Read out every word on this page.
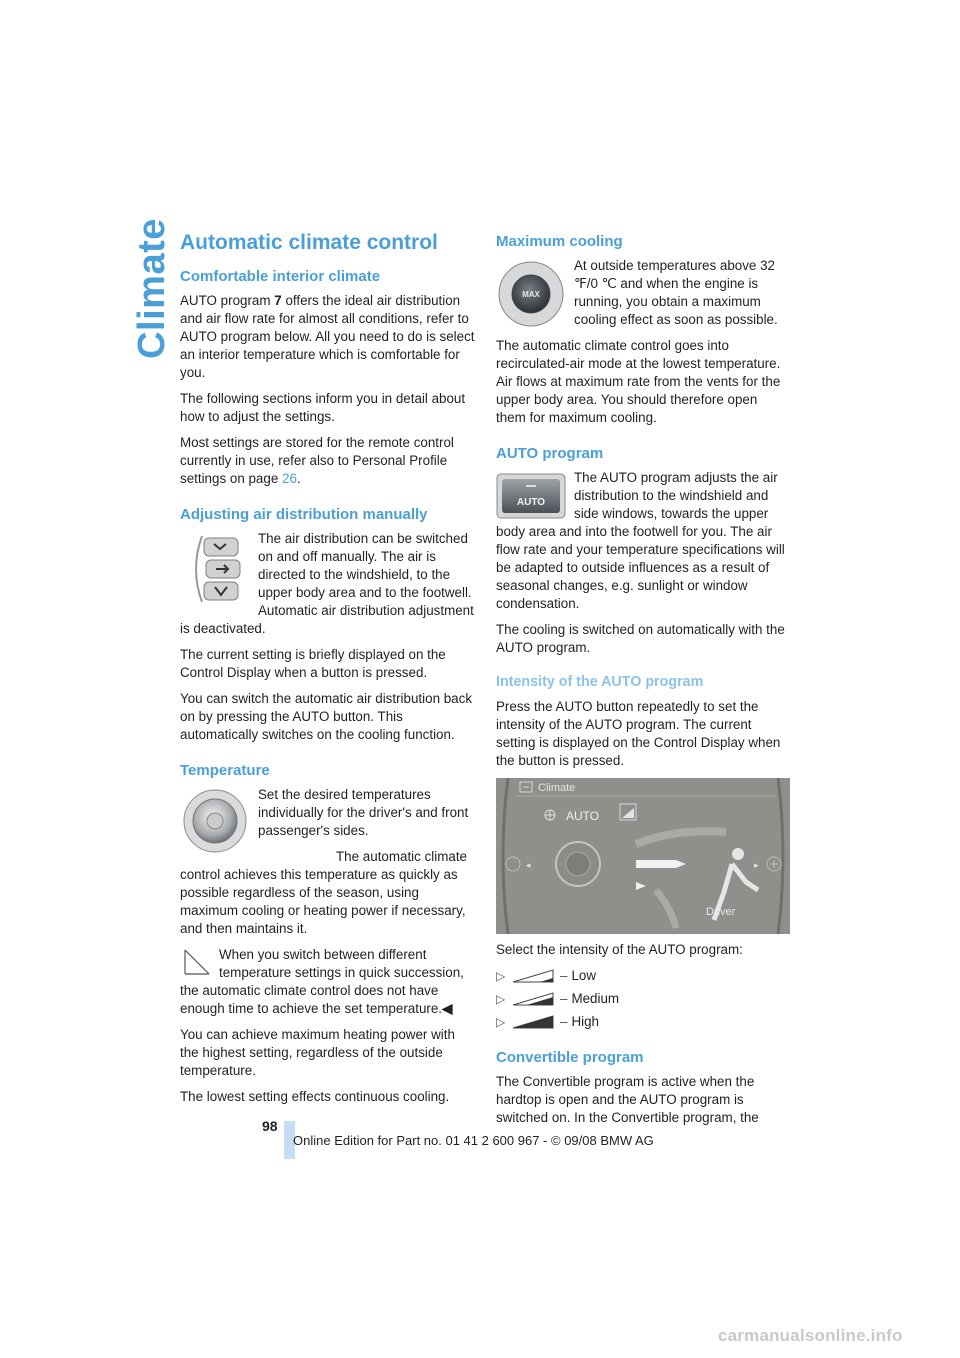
Climate Automatic climate control
Comfortable interior climate

AUTO program 7 offers the ideal air distribution and air flow rate for almost all conditions, refer to AUTO program below. All you need to do is select an interior temperature which is comfortable for you.

The following sections inform you in detail about how to adjust the settings.

Most settings are stored for the remote control currently in use, refer also to Personal Profile settings on page 26.

Adjusting air distribution manually

The air distribution can be switched on and off manually. The air is directed to the windshield, to the upper body area and to the footwell. Automatic air distribution adjustment is deactivated.

The current setting is briefly displayed on the Control Display when a button is pressed.

You can switch the automatic air distribution back on by pressing the AUTO button. This automatically switches on the cooling function.

Temperature

Set the desired temperatures individually for the driver's and front passenger's sides.

The automatic climate control achieves this temperature as quickly as possible regardless of the season, using maximum cooling or heating power if necessary, and then maintains it.

When you switch between different temperature settings in quick succession, the automatic climate control does not have enough time to achieve the set temperature.◀

You can achieve maximum heating power with the highest setting, regardless of the outside temperature.

The lowest setting effects continuous cooling.

Maximum cooling
MAX

At outside temperatures above 32 ℉/0 ℃ and when the engine is running, you obtain a maximum cooling effect as soon as possible.

The automatic climate control goes into recirculated-air mode at the lowest temperature. Air flows at maximum rate from the vents for the upper body area. You should therefore open them for maximum cooling.

AUTO program
AUTO

The AUTO program adjusts the air distribution to the windshield and side windows, towards the upper body area and into the footwell for you. The air flow rate and your temperature specifications will be adapted to outside influences as a result of seasonal changes, e.g. sunlight or window condensation.

The cooling is switched on automatically with the AUTO program.

Intensity of the AUTO program

Press the AUTO button repeatedly to set the intensity of the AUTO program. The current setting is displayed on the Control Display when the button is pressed.

Climate
AUTO
◂
Driver
▸

Select the intensity of the AUTO program:

▷	– Low
▷	– Medium
▷	– High
Convertible program

The Convertible program is active when the hardtop is open and the AUTO program is switched on. In the Convertible program, the

98
Online Edition for Part no. 01 41 2 600 967 - © 09/08 BMW AG
carmanualsonline.info
